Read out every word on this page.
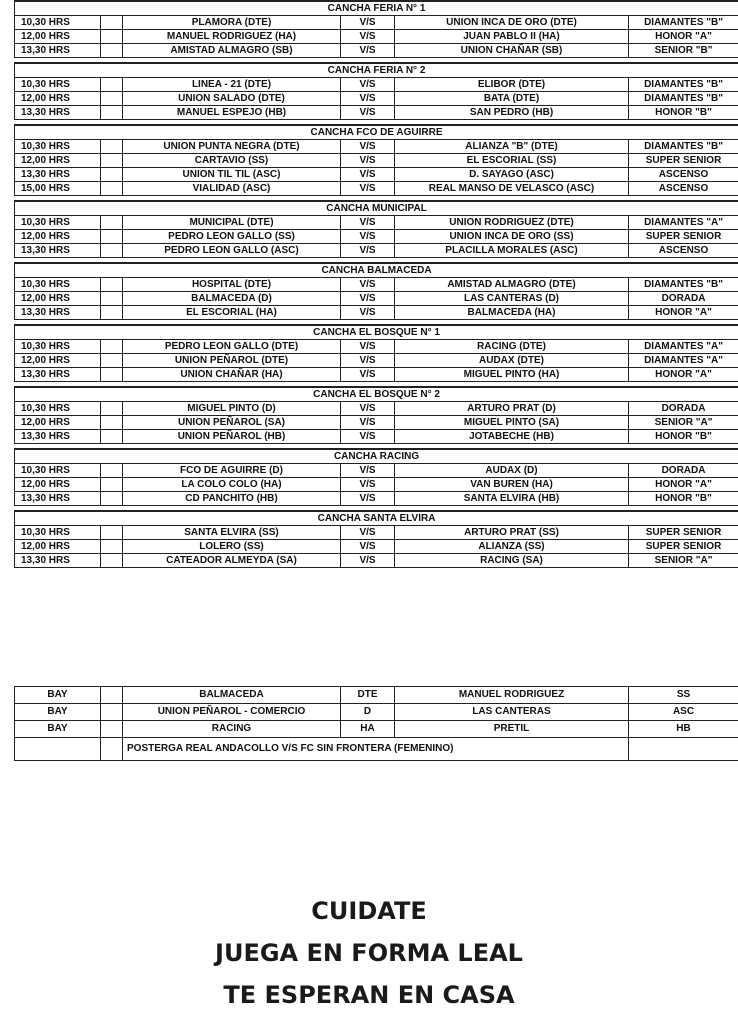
CANCHA FERIA N° 1					
10,30 HRS		PLAMORA (DTE)	V/S	UNION INCA DE ORO (DTE)	DIAMANTES "B"
12,00 HRS		MANUEL RODRIGUEZ (HA)	V/S	JUAN PABLO II (HA)	HONOR "A"
13,30 HRS		AMISTAD ALMAGRO (SB)	V/S	UNION CHAÑAR (SB)	SENIOR "B"

CANCHA FERIA N° 2					
10,30 HRS		LINEA - 21 (DTE)	V/S	ELIBOR (DTE)	DIAMANTES "B"
12,00 HRS		UNION SALADO (DTE)	V/S	BATA (DTE)	DIAMANTES "B"
13,30 HRS		MANUEL ESPEJO (HB)	V/S	SAN PEDRO (HB)	HONOR "B"

CANCHA FCO DE AGUIRRE					
10,30 HRS		UNION PUNTA NEGRA (DTE)	V/S	ALIANZA "B" (DTE)	DIAMANTES "B"
12,00 HRS		CARTAVIO (SS)	V/S	EL ESCORIAL (SS)	SUPER SENIOR
13,30 HRS		UNION TIL TIL (ASC)	V/S	D. SAYAGO (ASC)	ASCENSO
15,00 HRS		VIALIDAD (ASC)	V/S	REAL MANSO DE VELASCO (ASC)	ASCENSO

CANCHA MUNICIPAL					
10,30 HRS		MUNICIPAL (DTE)	V/S	UNION RODRIGUEZ (DTE)	DIAMANTES "A"
12,00 HRS		PEDRO LEON GALLO (SS)	V/S	UNION INCA DE ORO (SS)	SUPER SENIOR
13,30 HRS		PEDRO LEON GALLO (ASC)	V/S	PLACILLA MORALES (ASC)	ASCENSO

CANCHA BALMACEDA					
10,30 HRS		HOSPITAL (DTE)	V/S	AMISTAD ALMAGRO (DTE)	DIAMANTES "B"
12,00 HRS		BALMACEDA (D)	V/S	LAS CANTERAS (D)	DORADA
13,30 HRS		EL ESCORIAL (HA)	V/S	BALMACEDA (HA)	HONOR "A"

CANCHA EL BOSQUE N° 1					
10,30 HRS		PEDRO LEON GALLO (DTE)	V/S	RACING (DTE)	DIAMANTES "A"
12,00 HRS		UNION PEÑAROL (DTE)	V/S	AUDAX (DTE)	DIAMANTES "A"
13,30 HRS		UNION CHAÑAR (HA)	V/S	MIGUEL PINTO (HA)	HONOR "A"

CANCHA EL BOSQUE N° 2					
10,30 HRS		MIGUEL PINTO (D)	V/S	ARTURO PRAT (D)	DORADA
12,00 HRS		UNION PEÑAROL (SA)	V/S	MIGUEL PINTO (SA)	SENIOR "A"
13,30 HRS		UNION PEÑAROL (HB)	V/S	JOTABECHE (HB)	HONOR "B"

CANCHA RACING					
10,30 HRS		FCO DE AGUIRRE (D)	V/S	AUDAX (D)	DORADA
12,00 HRS		LA COLO COLO (HA)	V/S	VAN BUREN (HA)	HONOR "A"
13,30 HRS		CD PANCHITO (HB)	V/S	SANTA ELVIRA (HB)	HONOR "B"

CANCHA SANTA ELVIRA					
10,30 HRS		SANTA ELVIRA (SS)	V/S	ARTURO PRAT (SS)	SUPER SENIOR
12,00 HRS		LOLERO (SS)	V/S	ALIANZA (SS)	SUPER SENIOR
13,30 HRS		CATEADOR ALMEYDA (SA)	V/S	RACING (SA)	SENIOR "A"
BAY		BALMACEDA	DTE	MANUEL RODRIGUEZ	SS
BAY		UNION PEÑAROL - COMERCIO	D	LAS CANTERAS	ASC
BAY		RACING	HA	PRETIL	HB
		POSTERGA REAL ANDACOLLO V/S FC SIN FRONTERA (FEMENINO)			
CUIDATE
JUEGA EN FORMA LEAL
TE ESPERAN EN CASA
